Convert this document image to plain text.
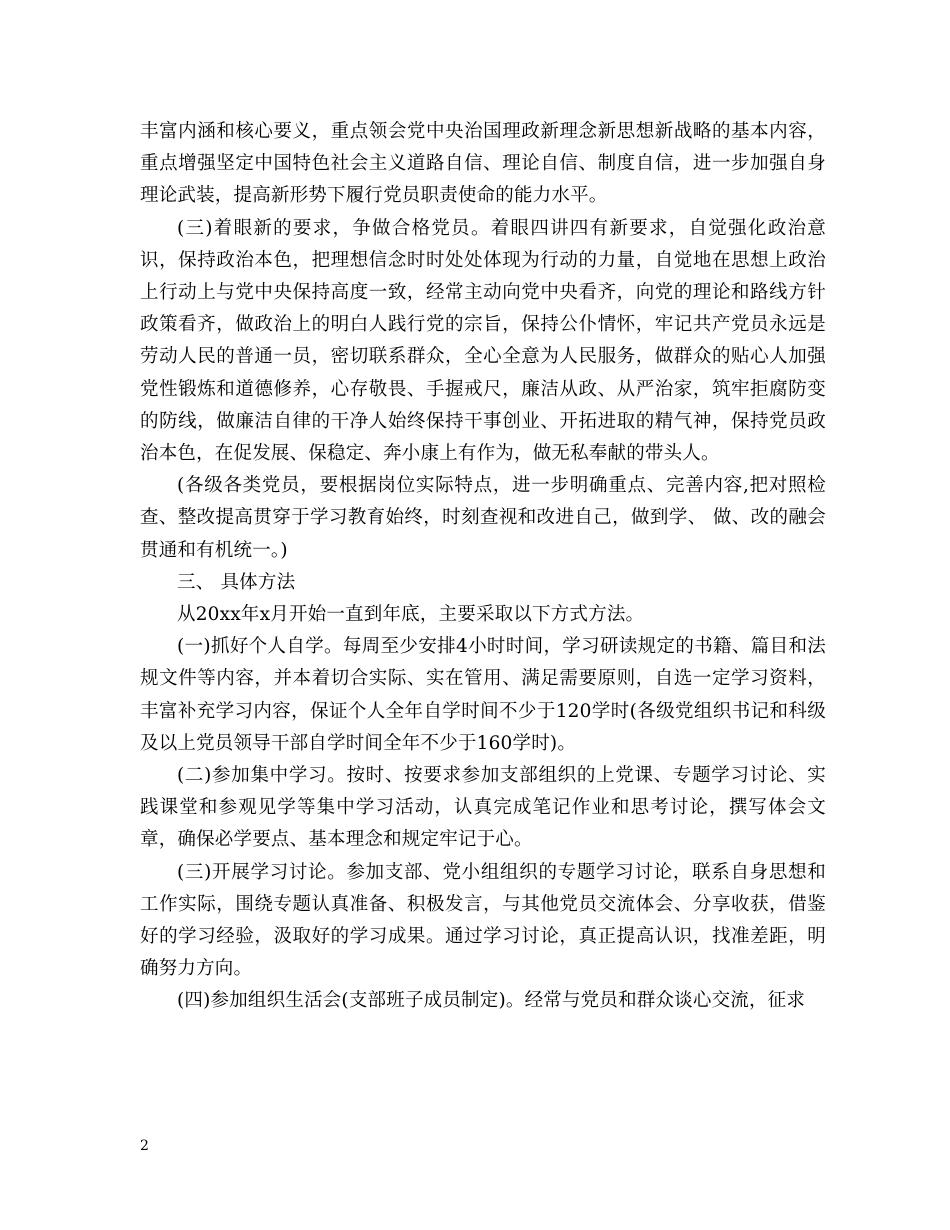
丰富内涵和核心要义，重点领会党中央治国理政新理念新思想新战略的基本内容，重点增强坚定中国特色社会主义道路自信、理论自信、制度自信，进一步加强自身理论武装，提高新形势下履行党员职责使命的能力水平。

(三)着眼新的要求，争做合格党员。着眼四讲四有新要求，自觉强化政治意识，保持政治本色，把理想信念时时处处体现为行动的力量，自觉地在思想上政治上行动上与党中央保持高度一致，经常主动向党中央看齐，向党的理论和路线方针政策看齐，做政治上的明白人践行党的宗旨，保持公仆情怀，牢记共产党员永远是劳动人民的普通一员，密切联系群众，全心全意为人民服务，做群众的贴心人加强党性锻炼和道德修养，心存敬畏、手握戒尺，廉洁从政、从严治家，筑牢拒腐防变的防线，做廉洁自律的干净人始终保持干事创业、开拓进取的精气神，保持党员政治本色，在促发展、保稳定、奔小康上有作为，做无私奉献的带头人。

(各级各类党员，要根据岗位实际特点，进一步明确重点、完善内容,把对照检查、整改提高贯穿于学习教育始终，时刻查视和改进自己，做到学、 做、改的融会贯通和有机统一。)

三、 具体方法

从20xx年x月开始一直到年底，主要采取以下方式方法。

(一)抓好个人自学。每周至少安排4小时时间，学习研读规定的书籍、篇目和法规文件等内容，并本着切合实际、实在管用、满足需要原则，自选一定学习资料，丰富补充学习内容，保证个人全年自学时间不少于120学时(各级党组织书记和科级及以上党员领导干部自学时间全年不少于160学时)。

(二)参加集中学习。按时、按要求参加支部组织的上党课、专题学习讨论、实践课堂和参观见学等集中学习活动，认真完成笔记作业和思考讨论，撰写体会文章，确保必学要点、基本理念和规定牢记于心。

(三)开展学习讨论。参加支部、党小组组织的专题学习讨论，联系自身思想和工作实际，围绕专题认真准备、积极发言，与其他党员交流体会、分享收获，借鉴好的学习经验，汲取好的学习成果。通过学习讨论，真正提高认识，找准差距，明确努力方向。

(四)参加组织生活会(支部班子成员制定)。经常与党员和群众谈心交流，征求

2
